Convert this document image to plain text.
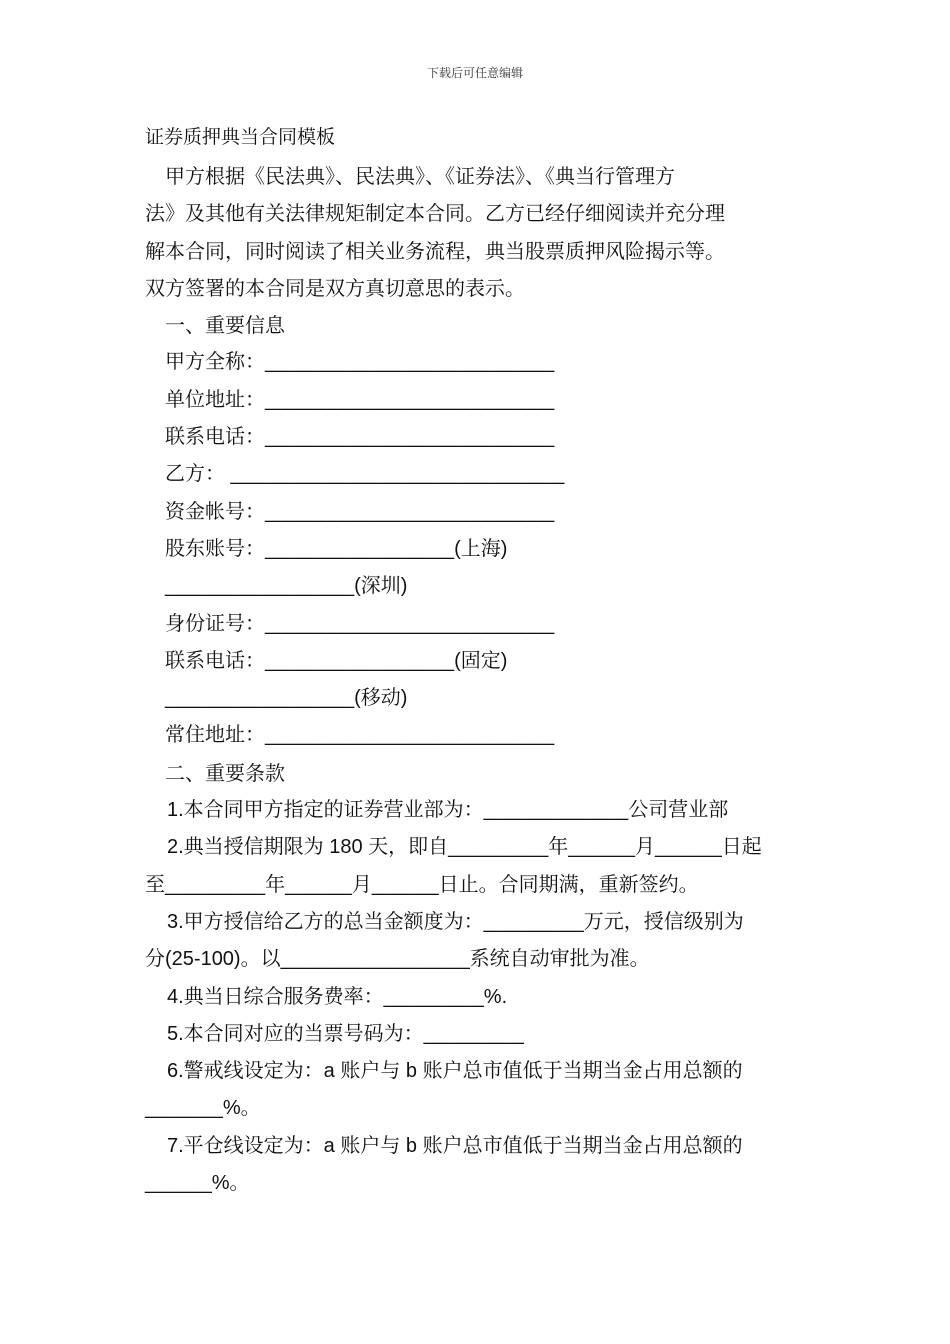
下载后可任意编辑
证券质押典当合同模板
甲方根据《民法典》、民法典》、《证券法》、《典当行管理方
法》及其他有关法律规矩制定本合同。乙方已经仔细阅读并充分理
解本合同，同时阅读了相关业务流程，典当股票质押风险揭示等。
双方签署的本合同是双方真切意思的表示。
一、重要信息
甲方全称：__________________________
单位地址：__________________________
联系电话：__________________________
乙方： ______________________________
资金帐号：__________________________
股东账号：_________________(上海)
_________________(深圳)
身份证号：__________________________
联系电话：_________________(固定)
_________________(移动)
常住地址：__________________________
二、重要条款
1.本合同甲方指定的证券营业部为：_____________公司营业部
2.典当授信期限为 180 天，即自_________年______月______日起
至_________年______月______日止。合同期满，重新签约。
3.甲方授信给乙方的总当金额度为：_________万元，授信级别为
分(25-100)。以_________________系统自动审批为准。
4.典当日综合服务费率：_________%.
5.本合同对应的当票号码为：_________
6.警戒线设定为：a 账户与 b 账户总市值低于当期当金占用总额的
_______%。
7.平仓线设定为：a 账户与 b 账户总市值低于当期当金占用总额的
______%。
